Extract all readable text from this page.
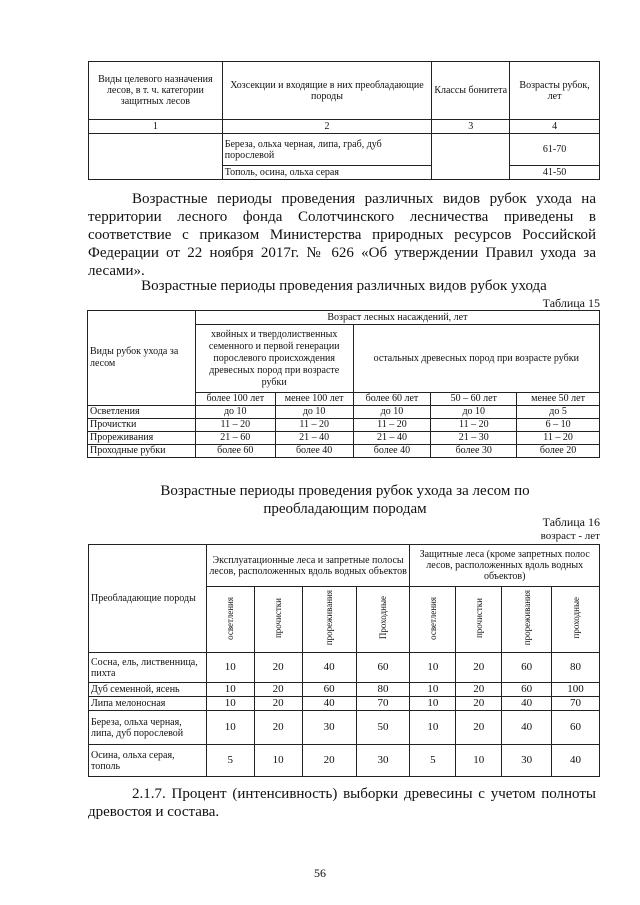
Виды целевого назначения лесов, в т. ч. категории защитных лесов	Хозсекции и входящие в них преобладающие породы	Классы бонитета	Возрасты рубок, лет
1	2	3	4
	Береза, ольха черная, липа, граб, дуб порослевой		61-70
	Тополь, осина, ольха серая		41-50

Возрастные периоды проведения различных видов рубок ухода на территории лесного фонда Солотчинского лесничества приведены в соответствие с приказом Министерства природных ресурсов Российской Федерации от 22 ноября 2017г. № 626 «Об утверждении Правил ухода за лесами».

Возрастные периоды проведения различных видов рубок ухода

Таблица 15

Виды рубок ухода за лесом	Возраст лесных насаждений, лет				
	хвойных и твердолиственных семенного и первой генерации порослевого происхождения древесных пород при возрасте рубки		остальных древесных пород при возрасте рубки		
	более 100 лет	менее 100 лет	более 60 лет	50 – 60 лет	менее 50 лет
Осветления	до 10	до 10	до 10	до 10	до 5
Прочистки	11 – 20	11 – 20	11 – 20	11 – 20	6 – 10
Прореживания	21 – 60	21 – 40	21 – 40	21 – 30	11 – 20
Проходные рубки	более 60	более 40	более 40	более 30	более 20

Возрастные периоды проведения рубок ухода за лесом по преобладающим породам

Таблица 16

возраст - лет

Преобладающие породы	Эксплуатационные леса и запретные полосы лесов, расположенных вдоль водных объектов				Защитные леса (кроме запретных полос лесов, расположенных вдоль водных объектов)			
	осветления	прочистки	прореживания	Проходные	осветления	прочистки	прореживания	проходные
Сосна, ель, лиственница, пихта	10	20	40	60	10	20	60	80
Дуб семенной, ясень	10	20	60	80	10	20	60	100
Липа мелонoсная	10	20	40	70	10	20	40	70
Береза, ольха черная, липа, дуб порослевой	10	20	30	50	10	20	40	60
Осина, ольха серая, тополь	5	10	20	30	5	10	30	40

2.1.7. Процент (интенсивность) выборки древесины с учетом полноты древостоя и состава.

56
